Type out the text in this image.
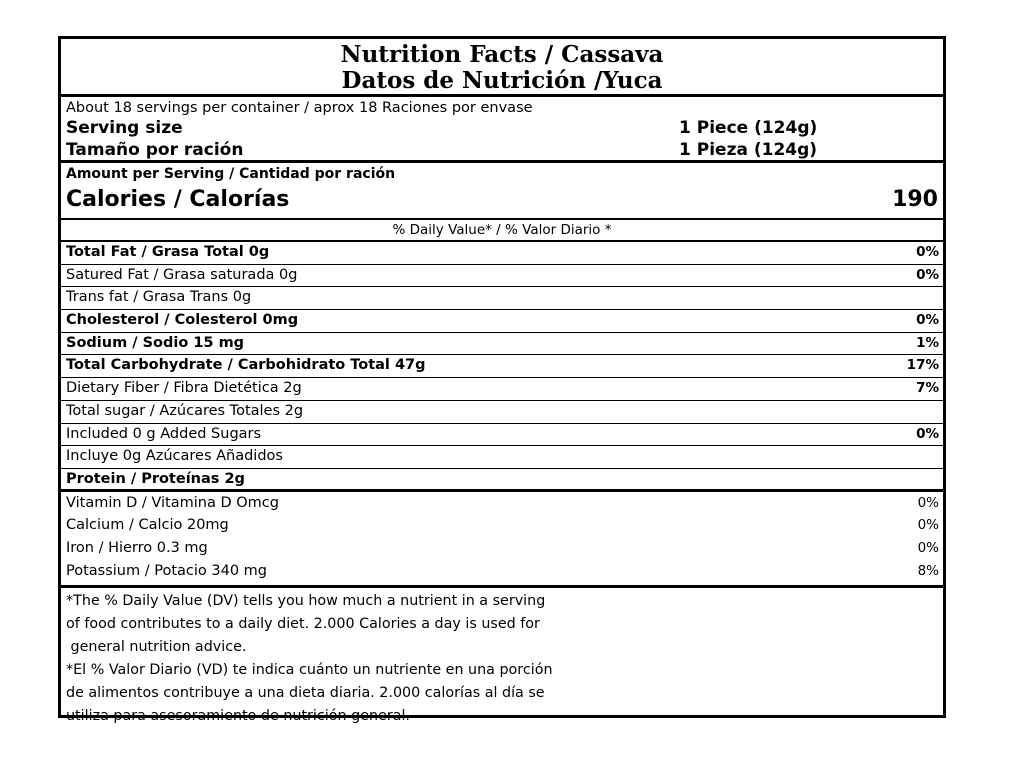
Nutrition Facts / Cassava
Datos de Nutrición /Yuca
About 18 servings per container / aprox 18 Raciones por envase
Serving size	1 Piece (124g)
Tamaño por ración	1 Pieza (124g)
Amount per Serving / Cantidad por ración
Calories / Calorías	190
% Daily Value* / % Valor Diario *
Total Fat / Grasa Total 0g	0%
Satured Fat / Grasa saturada 0g	0%
Trans fat / Grasa Trans 0g
Cholesterol / Colesterol 0mg	0%
Sodium / Sodio 15 mg	1%
Total Carbohydrate / Carbohidrato Total 47g	17%
Dietary Fiber / Fibra Dietética 2g	7%
Total sugar / Azúcares Totales 2g
Included 0 g Added Sugars	0%
Incluye 0g Azúcares Añadidos
Protein / Proteínas 2g
Vitamin D / Vitamina D Omcg	0%
Calcium / Calcio 20mg	0%
Iron / Hierro 0.3 mg	0%
Potassium / Potacio 340 mg	8%
*The % Daily Value (DV) tells you how much a nutrient in a serving
of food contributes to a daily diet. 2.000 Calories a day is used for
general nutrition advice.
*El % Valor Diario (VD) te indica cuánto un nutriente en una porción
de alimentos contribuye a una dieta diaria. 2.000 calorías al día se
utiliza para asesoramiento de nutrición general.
